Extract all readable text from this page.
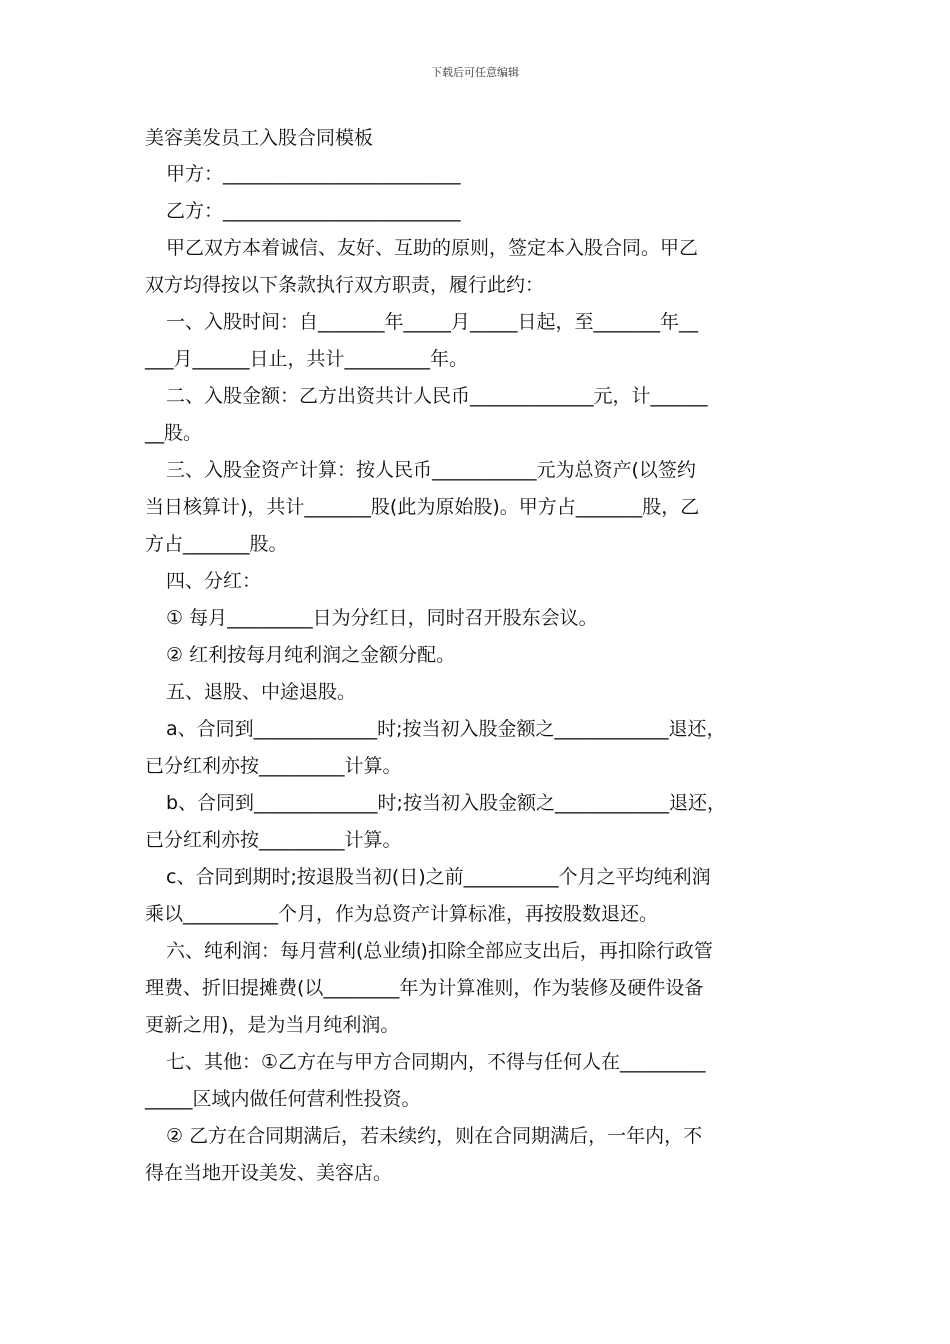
下载后可任意编辑

美容美发员工入股合同模板

甲方：_________________________

乙方：_________________________

甲乙双方本着诚信、友好、互助的原则，签定本入股合同。甲乙

双方均得按以下条款执行双方职责，履行此约：

一、入股时间：自_______年_____月_____日起，至_______年__

___月______日止，共计_________年。

二、入股金额：乙方出资共计人民币_____________元，计______

__股。

三、入股金资产计算：按人民币___________元为总资产(以签约

当日核算计)，共计_______股(此为原始股)。甲方占_______股，乙

方占_______股。

四、分红：

① 每月_________日为分红日，同时召开股东会议。

② 红利按每月纯利润之金额分配。

五、退股、中途退股。

a、合同到_____________时;按当初入股金额之____________退还，

已分红利亦按_________计算。

b、合同到_____________时;按当初入股金额之____________退还，

已分红利亦按_________计算。

c、合同到期时;按退股当初(日)之前__________个月之平均纯利润

乘以__________个月，作为总资产计算标准，再按股数退还。

六、纯利润：每月营利(总业绩)扣除全部应支出后，再扣除行政管

理费、折旧提摊费(以________年为计算准则，作为装修及硬件设备

更新之用)，是为当月纯利润。

七、其他：①乙方在与甲方合同期内，不得与任何人在_________

_____区域内做任何营利性投资。

② 乙方在合同期满后，若未续约，则在合同期满后，一年内，不

得在当地开设美发、美容店。
